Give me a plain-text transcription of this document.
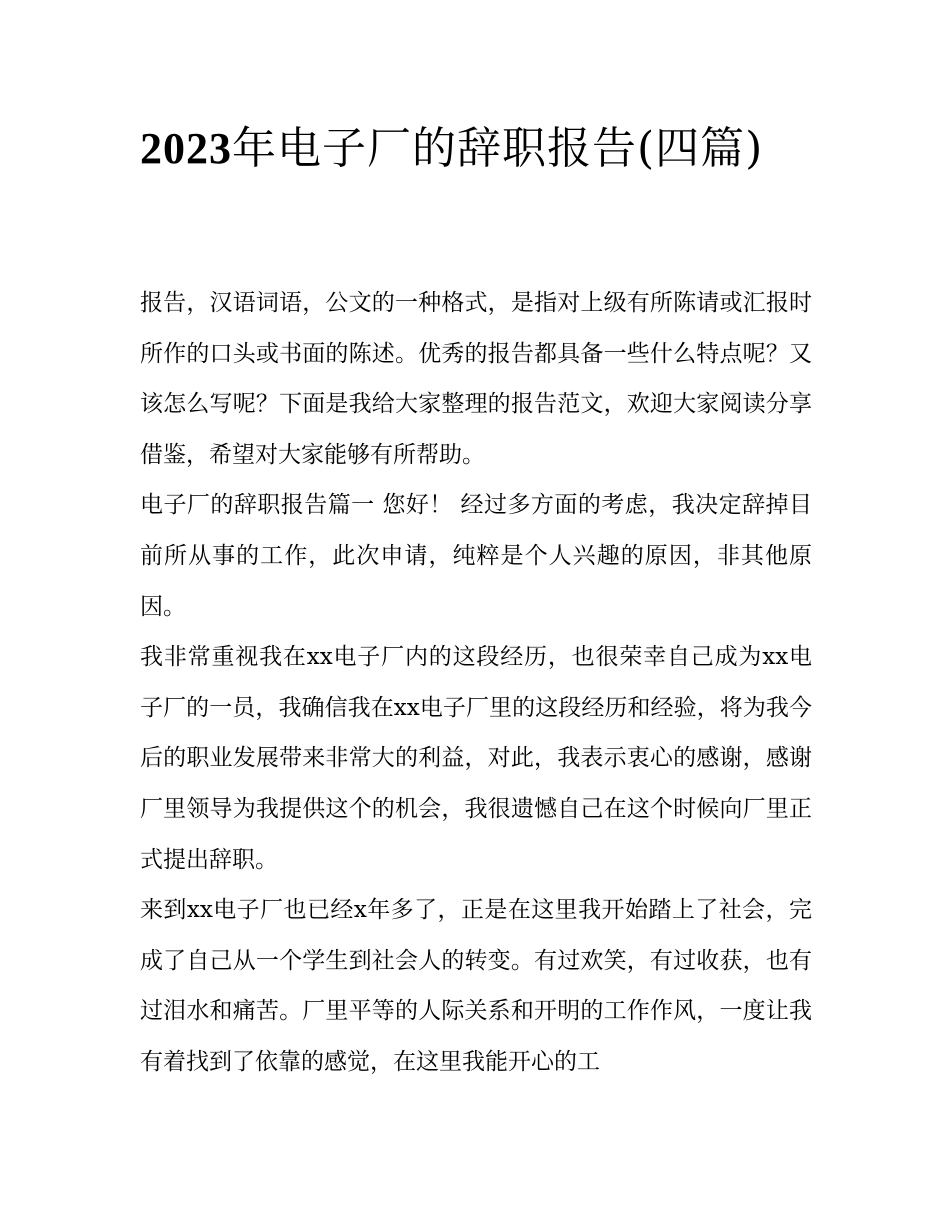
2023年电子厂的辞职报告(四篇)

报告，汉语词语，公文的一种格式，是指对上级有所陈请或汇报时所作的口头或书面的陈述。优秀的报告都具备一些什么特点呢？又该怎么写呢？下面是我给大家整理的报告范文，欢迎大家阅读分享借鉴，希望对大家能够有所帮助。

电子厂的辞职报告篇一 您好！ 经过多方面的考虑，我决定辞掉目前所从事的工作，此次申请，纯粹是个人兴趣的原因，非其他原因。

我非常重视我在xx电子厂内的这段经历，也很荣幸自己成为xx电子厂的一员，我确信我在xx电子厂里的这段经历和经验，将为我今后的职业发展带来非常大的利益，对此，我表示衷心的感谢，感谢厂里领导为我提供这个的机会，我很遗憾自己在这个时候向厂里正式提出辞职。

来到xx电子厂也已经x年多了，正是在这里我开始踏上了社会，完成了自己从一个学生到社会人的转变。有过欢笑，有过收获，也有过泪水和痛苦。厂里平等的人际关系和开明的工作作风，一度让我有着找到了依靠的感觉，在这里我能开心的工
